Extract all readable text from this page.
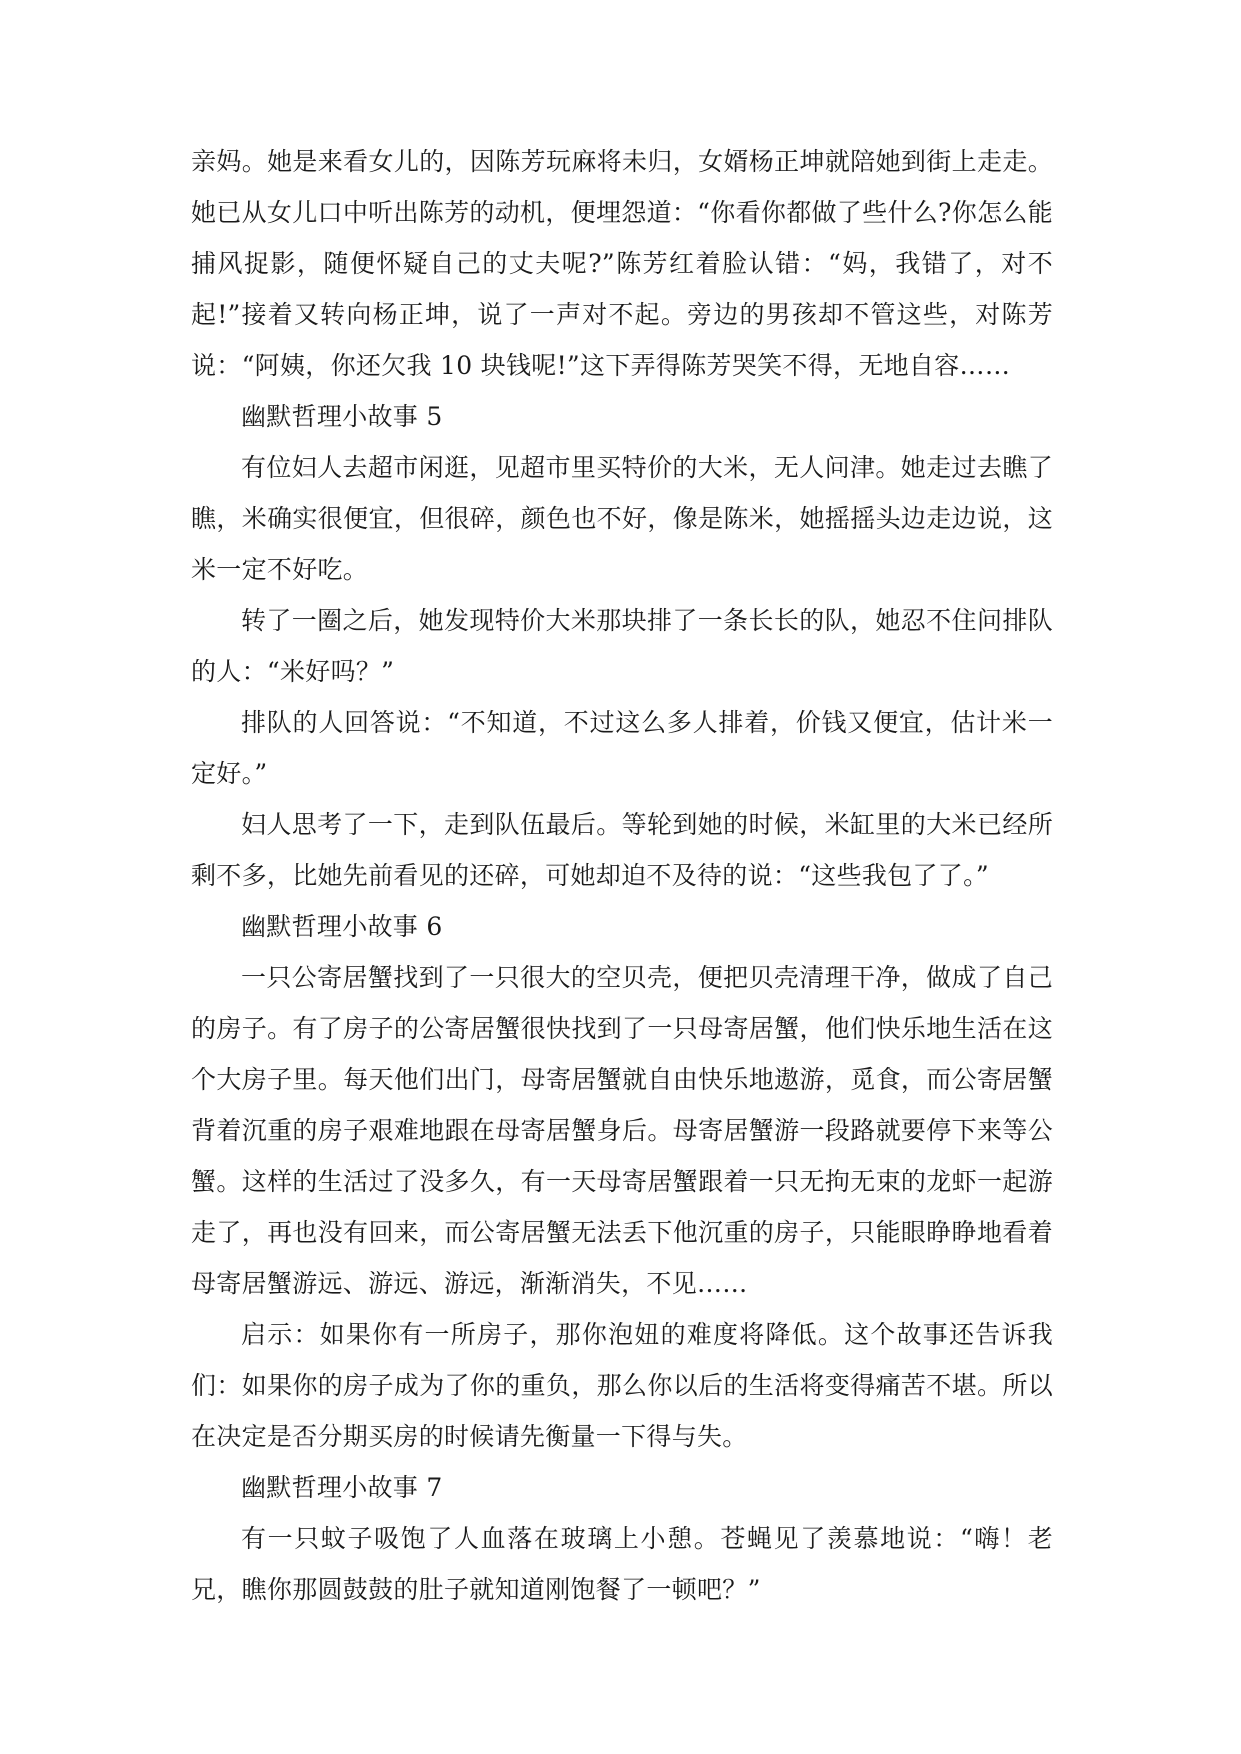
亲妈。她是来看女儿的，因陈芳玩麻将未归，女婿杨正坤就陪她到街上走走。
她已从女儿口中听出陈芳的动机，便埋怨道：“你看你都做了些什么?你怎么能
捕风捉影，随便怀疑自己的丈夫呢?”陈芳红着脸认错：“妈，我错了，对不
起!”接着又转向杨正坤，说了一声对不起。旁边的男孩却不管这些，对陈芳
说：“阿姨，你还欠我 10 块钱呢!”这下弄得陈芳哭笑不得，无地自容……
幽默哲理小故事 5
有位妇人去超市闲逛，见超市里买特价的大米，无人问津。她走过去瞧了
瞧，米确实很便宜，但很碎，颜色也不好，像是陈米，她摇摇头边走边说，这
米一定不好吃。
转了一圈之后，她发现特价大米那块排了一条长长的队，她忍不住问排队
的人：“米好吗？”
排队的人回答说：“不知道，不过这么多人排着，价钱又便宜，估计米一
定好。”
妇人思考了一下，走到队伍最后。等轮到她的时候，米缸里的大米已经所
剩不多，比她先前看见的还碎，可她却迫不及待的说：“这些我包了了。”
幽默哲理小故事 6
一只公寄居蟹找到了一只很大的空贝壳，便把贝壳清理干净，做成了自己
的房子。有了房子的公寄居蟹很快找到了一只母寄居蟹，他们快乐地生活在这
个大房子里。每天他们出门，母寄居蟹就自由快乐地遨游，觅食，而公寄居蟹
背着沉重的房子艰难地跟在母寄居蟹身后。母寄居蟹游一段路就要停下来等公
蟹。这样的生活过了没多久，有一天母寄居蟹跟着一只无拘无束的龙虾一起游
走了，再也没有回来，而公寄居蟹无法丢下他沉重的房子，只能眼睁睁地看着
母寄居蟹游远、游远、游远，渐渐消失，不见……
启示：如果你有一所房子，那你泡妞的难度将降低。这个故事还告诉我
们：如果你的房子成为了你的重负，那么你以后的生活将变得痛苦不堪。所以
在决定是否分期买房的时候请先衡量一下得与失。
幽默哲理小故事 7
有一只蚊子吸饱了人血落在玻璃上小憩。苍蝇见了羡慕地说：“嗨！老
兄，瞧你那圆鼓鼓的肚子就知道刚饱餐了一顿吧？”
